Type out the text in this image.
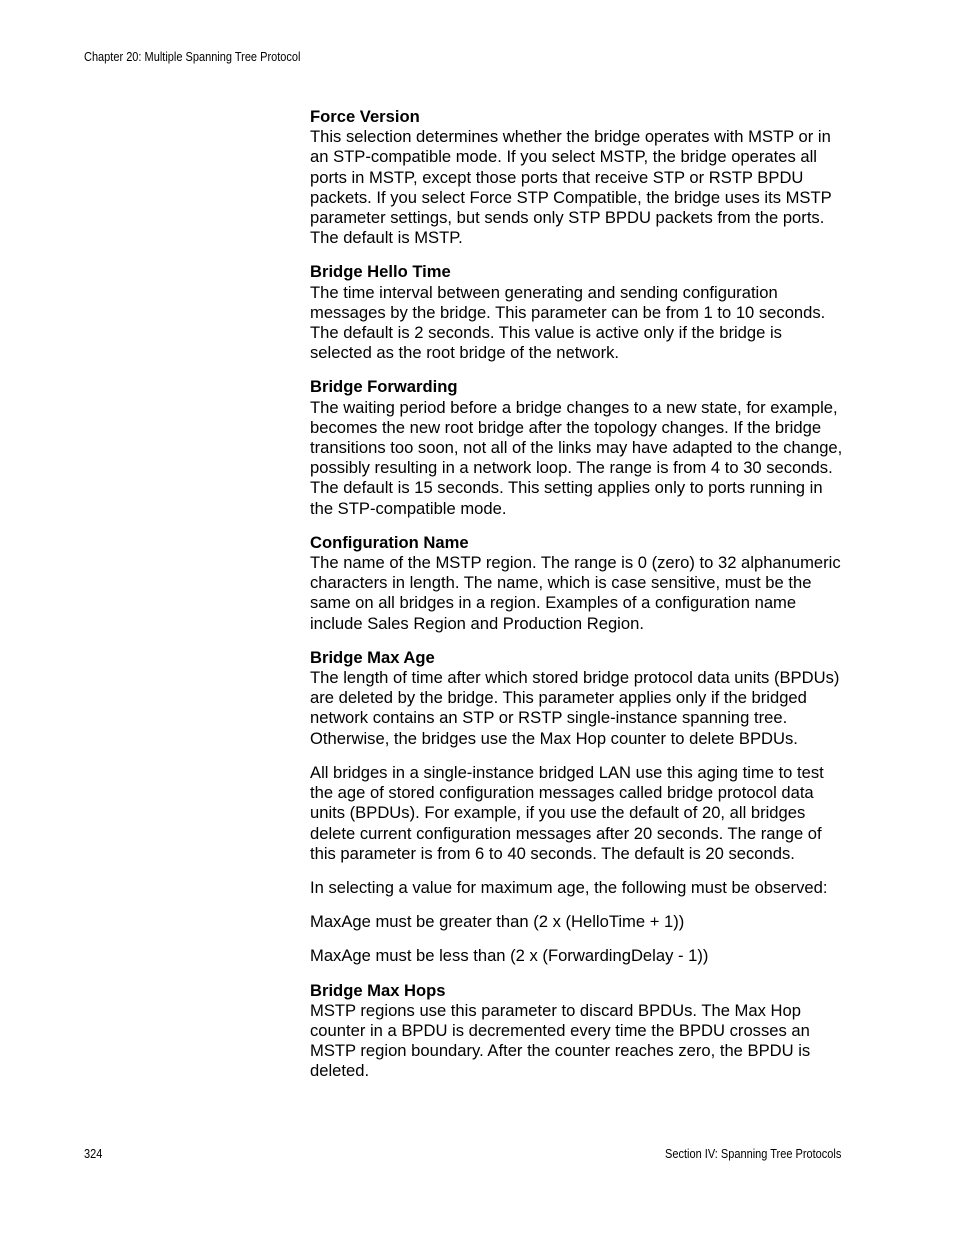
Chapter 20: Multiple Spanning Tree Protocol

Force Version

This selection determines whether the bridge operates with MSTP or in an STP-compatible mode. If you select MSTP, the bridge operates all ports in MSTP, except those ports that receive STP or RSTP BPDU packets. If you select Force STP Compatible, the bridge uses its MSTP parameter settings, but sends only STP BPDU packets from the ports. The default is MSTP.

Bridge Hello Time

The time interval between generating and sending configuration messages by the bridge. This parameter can be from 1 to 10 seconds. The default is 2 seconds. This value is active only if the bridge is selected as the root bridge of the network.

Bridge Forwarding

The waiting period before a bridge changes to a new state, for example, becomes the new root bridge after the topology changes. If the bridge transitions too soon, not all of the links may have adapted to the change, possibly resulting in a network loop. The range is from 4 to 30 seconds. The default is 15 seconds. This setting applies only to ports running in the STP-compatible mode.

Configuration Name

The name of the MSTP region. The range is 0 (zero) to 32 alphanumeric characters in length. The name, which is case sensitive, must be the same on all bridges in a region. Examples of a configuration name include Sales Region and Production Region.

Bridge Max Age

The length of time after which stored bridge protocol data units (BPDUs) are deleted by the bridge. This parameter applies only if the bridged network contains an STP or RSTP single-instance spanning tree. Otherwise, the bridges use the Max Hop counter to delete BPDUs.

All bridges in a single-instance bridged LAN use this aging time to test the age of stored configuration messages called bridge protocol data units (BPDUs). For example, if you use the default of 20, all bridges delete current configuration messages after 20 seconds. The range of this parameter is from 6 to 40 seconds. The default is 20 seconds.

In selecting a value for maximum age, the following must be observed:

MaxAge must be greater than (2 x (HelloTime + 1))

MaxAge must be less than (2 x (ForwardingDelay - 1))

Bridge Max Hops

MSTP regions use this parameter to discard BPDUs. The Max Hop counter in a BPDU is decremented every time the BPDU crosses an MSTP region boundary. After the counter reaches zero, the BPDU is deleted.

324	Section IV: Spanning Tree Protocols
